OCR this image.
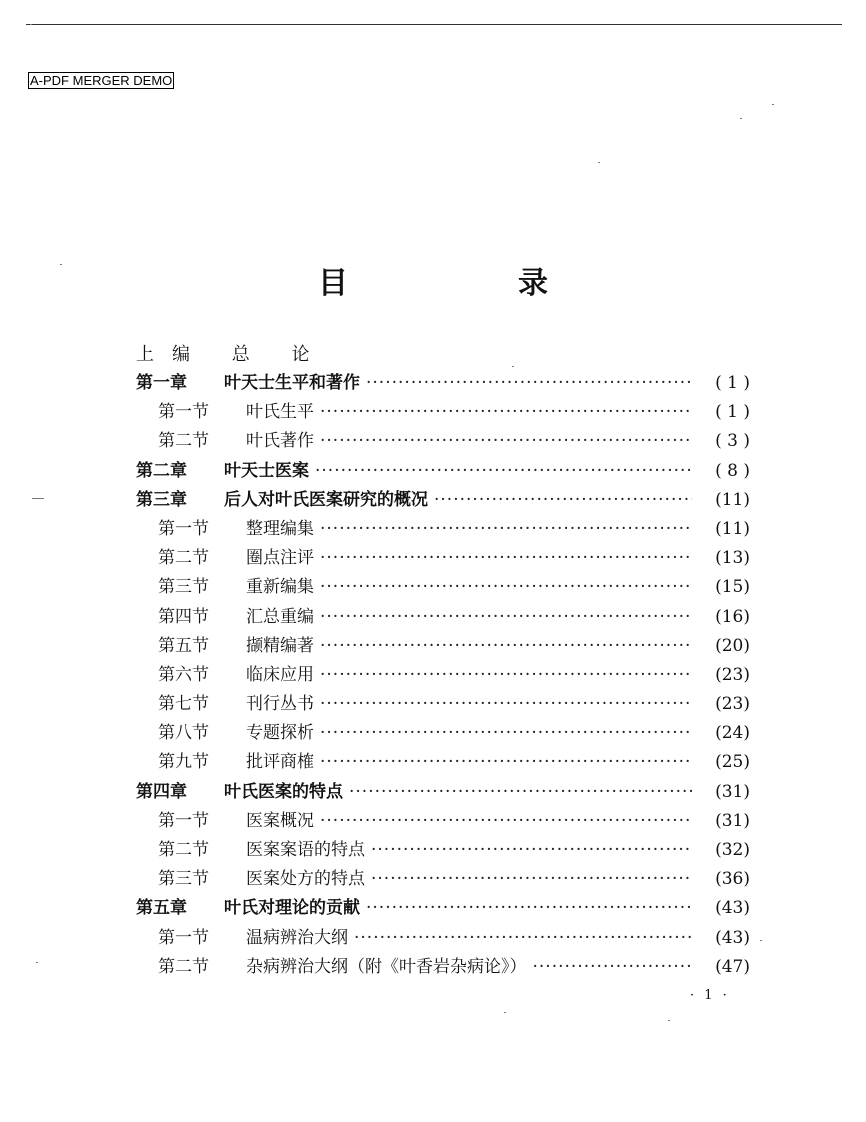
A-PDF MERGER DEMO
目　录
上编 总 论
第一章 叶天士生平和著作 ·····	( 1 )
第一节 叶氏生平 ·····	( 1 )
第二节 叶氏著作 ·····	( 3 )
第二章 叶天士医案 ·····	( 8 )
第三章 后人对叶氏医案研究的概况 ·····	(11)
第一节 整理编集 ·····	(11)
第二节 圈点注评 ·····	(13)
第三节 重新编集 ·····	(15)
第四节 汇总重编 ·····	(16)
第五节 撷精编著 ·····	(20)
第六节 临床应用 ·····	(23)
第七节 刊行丛书 ·····	(23)
第八节 专题探析 ·····	(24)
第九节 批评商榷 ·····	(25)
第四章 叶氏医案的特点 ·····	(31)
第一节 医案概况 ·····	(31)
第二节 医案案语的特点 ·····	(32)
第三节 医案处方的特点 ·····	(36)
第五章 叶氏对理论的贡献 ·····	(43)
第一节 温病辨治大纲 ·····	(43)
第二节 杂病辨治大纲（附《叶香岩杂病论》） ·····	(47)
· 1 ·
